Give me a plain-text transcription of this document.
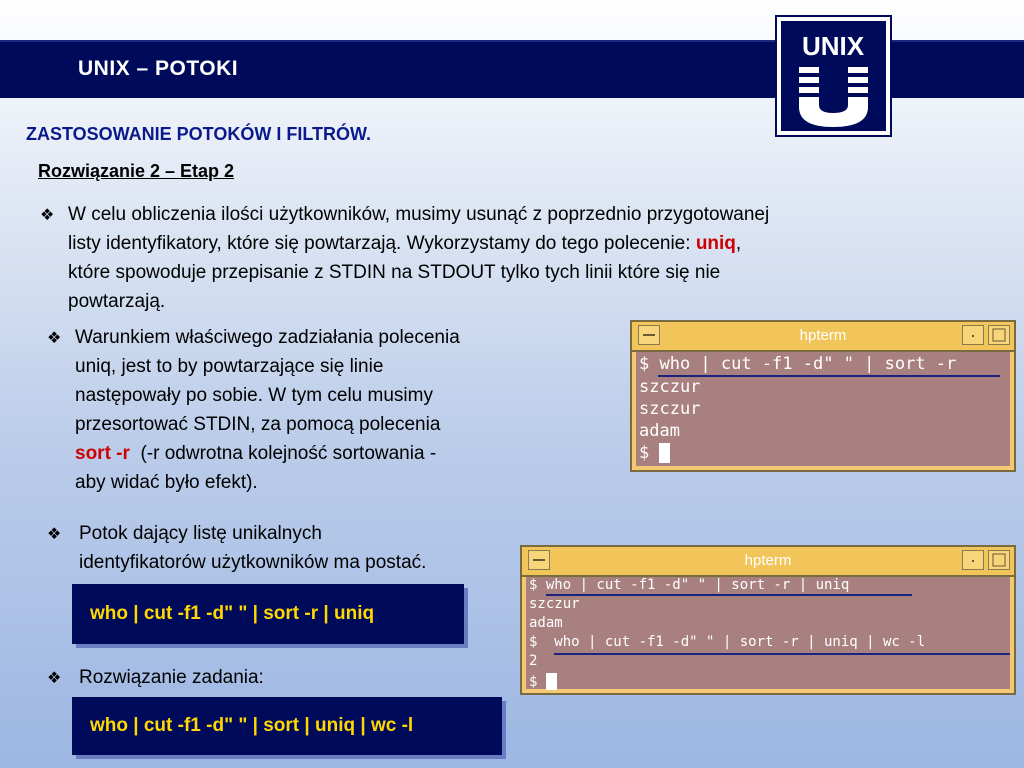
UNIX – POTOKI
UNIX
ZASTOSOWANIE POTOKÓW I FILTRÓW.
Rozwiązanie 2 – Etap 2
❖ W celu obliczenia ilości użytkowników, musimy usunąć z poprzednio przygotowanej
listy identyfikatory, które się powtarzają. Wykorzystamy do tego polecenie: uniq,
które spowoduje przepisanie z STDIN na STDOUT tylko tych linii które się nie
powtarzają.
❖ Warunkiem właściwego zadziałania polecenia
uniq, jest to by powtarzające się linie
następowały po sobie. W tym celu musimy
przesortować STDIN, za pomocą polecenia
sort -r  (-r odwrotna kolejność sortowania -
aby widać było efekt).
❖ Potok dający listę unikalnych
identyfikatorów użytkowników ma postać.
who | cut -f1 -d" " | sort -r | uniq
❖ Rozwiązanie zadania:
who | cut -f1 -d" " | sort | uniq | wc -l
hpterm
$ who | cut -f1 -d" " | sort -r
szczur
szczur
adam
$
hpterm
$ who | cut -f1 -d" " | sort -r | uniq
szczur
adam
$  who | cut -f1 -d" " | sort -r | uniq | wc -l
2
$
